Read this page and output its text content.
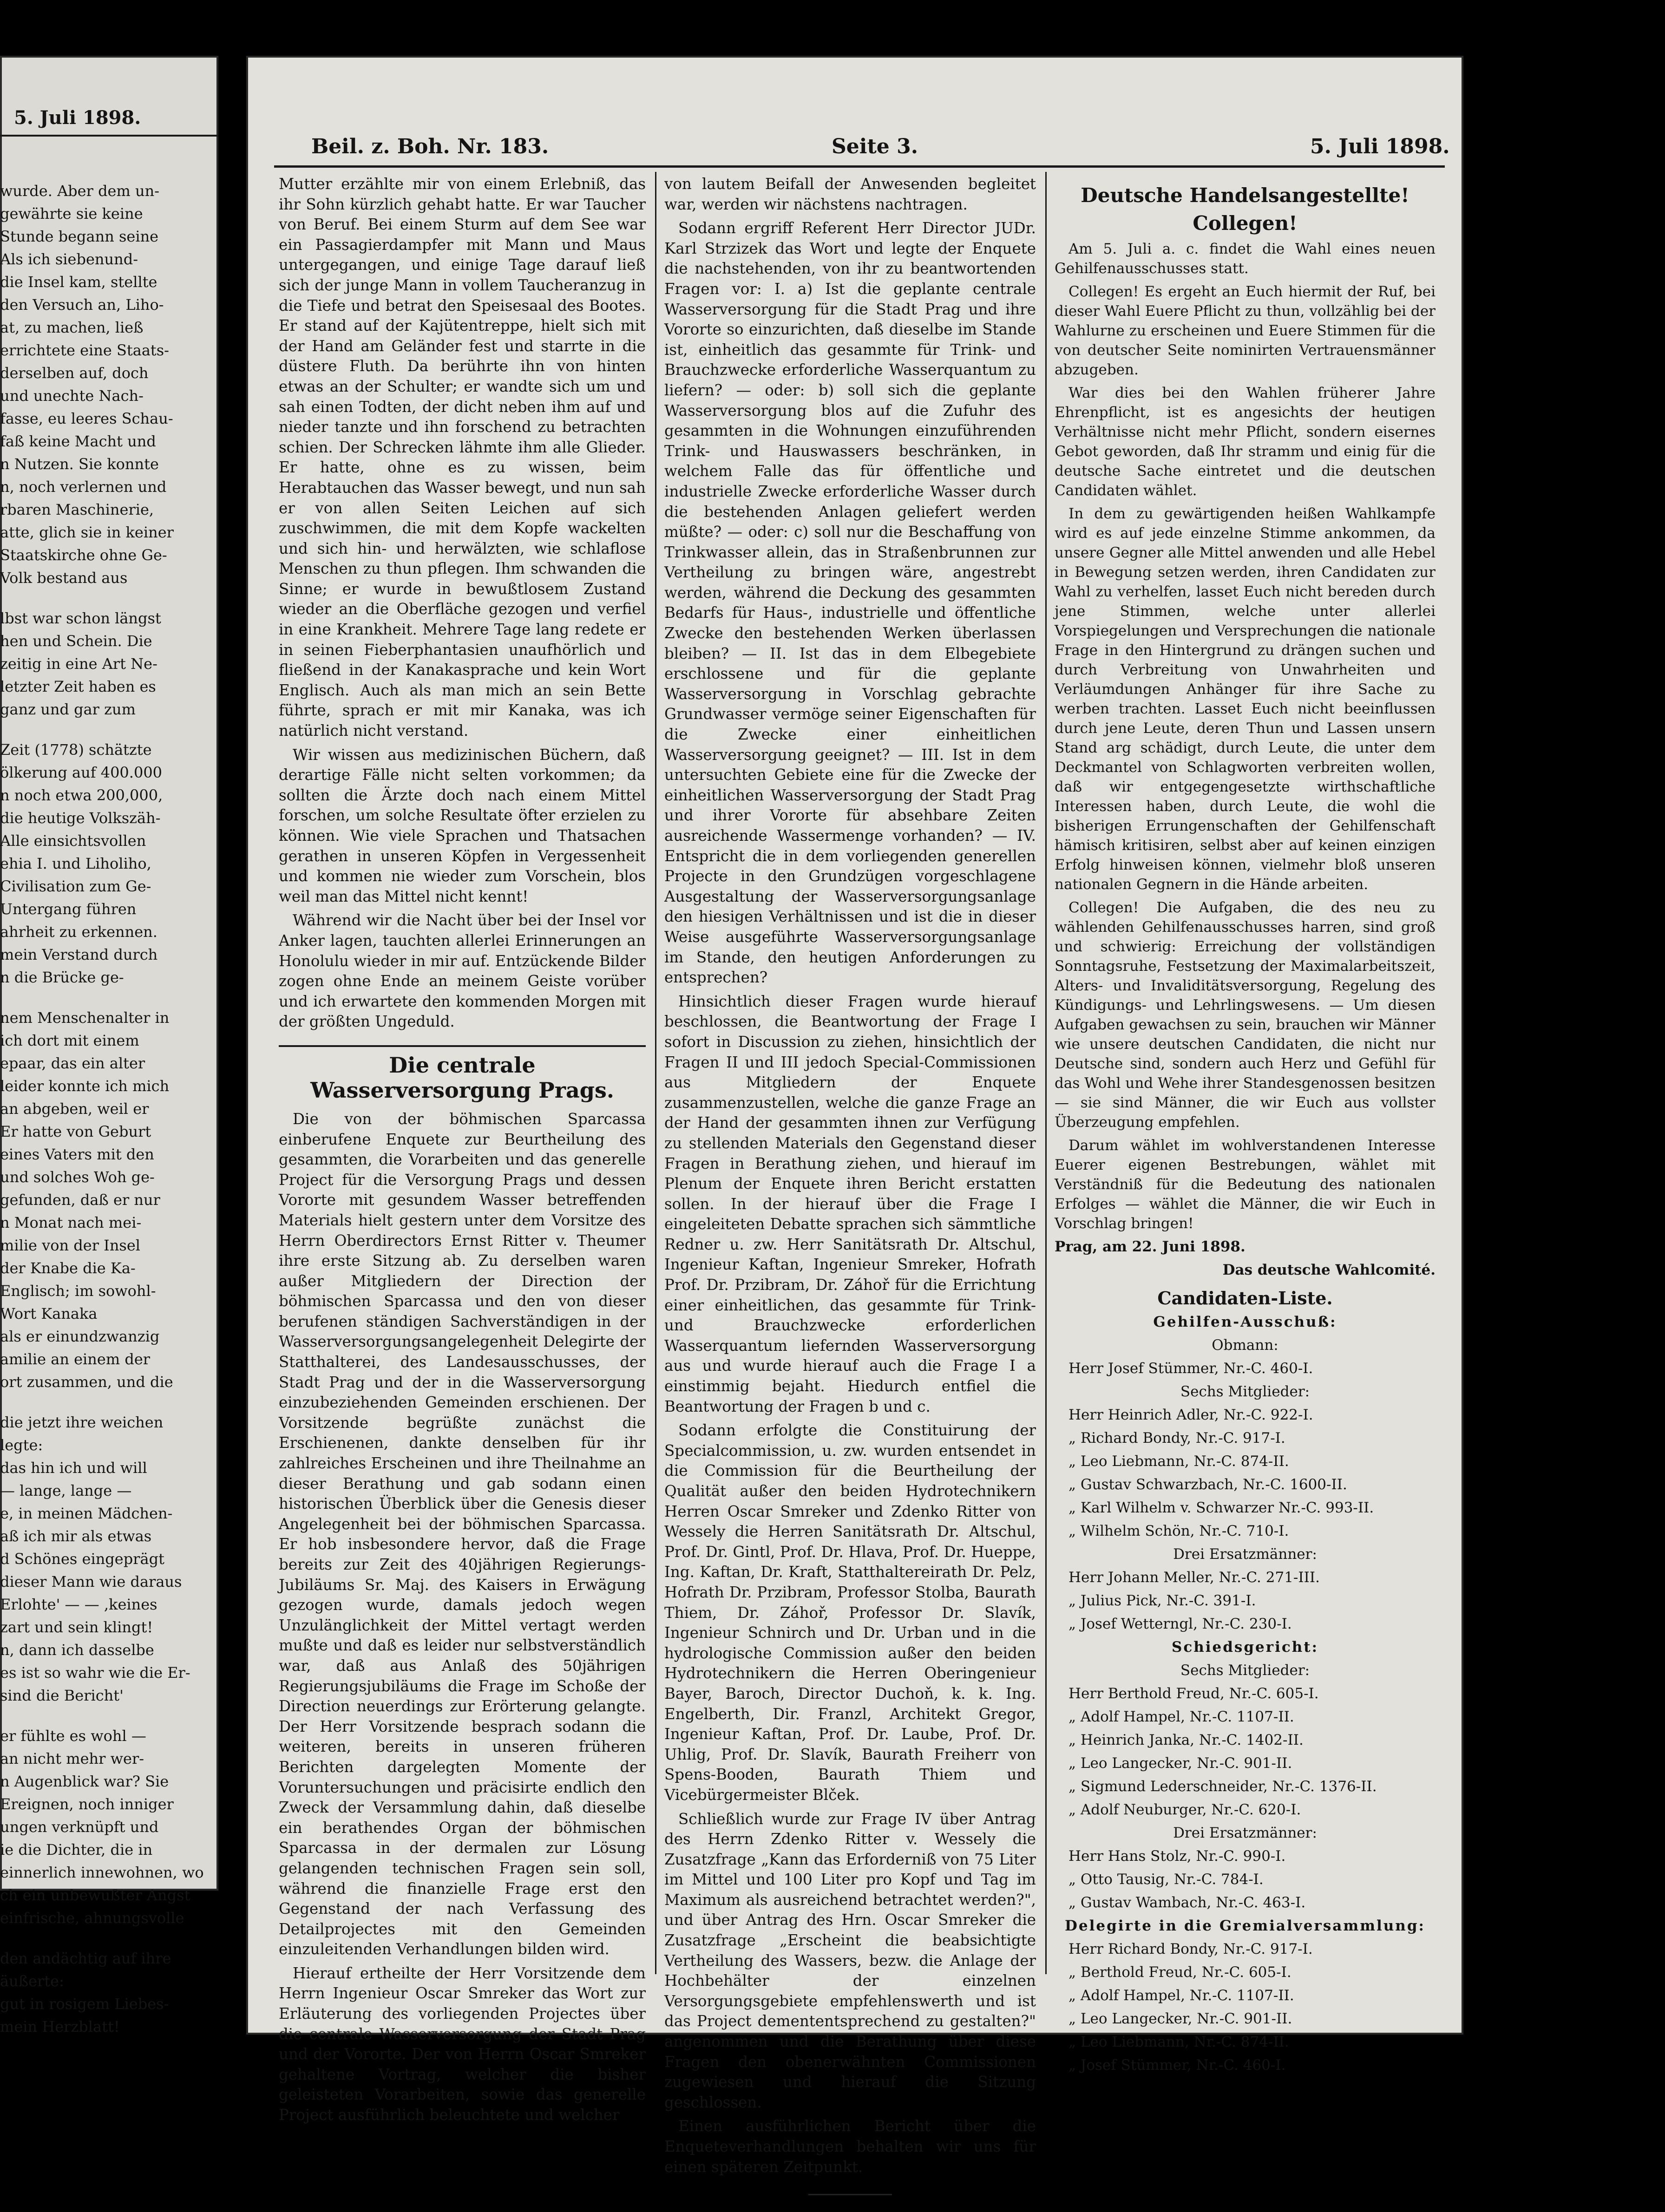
5. Juli 1898.

wurde. Aber dem un-

gewährte sie keine

Stunde begann seine

Als ich siebenund-

die Insel kam, stellte

den Versuch an, Liho-

at, zu machen, ließ

errichtete eine Staats-

derselben auf, doch

und unechte Nach-

fasse, eu leeres Schau-

faß keine Macht und

n Nutzen. Sie konnte

n, noch verlernen und

rbaren Maschinerie,

atte, glich sie in keiner

Staatskirche ohne Ge-

Volk bestand aus

lbst war schon längst

hen und Schein. Die

zeitig in eine Art Ne-

letzter Zeit haben es

ganz und gar zum

Zeit (1778) schätzte

ölkerung auf 400.000

n noch etwa 200,000,

die heutige Volkszäh-

Alle einsichtsvollen

ehia I. und Liholiho,

Civilisation zum Ge-

Untergang führen

ahrheit zu erkennen.

mein Verstand durch

n die Brücke ge-

nem Menschenalter in

ich dort mit einem

epaar, das ein alter

leider konnte ich mich

an abgeben, weil er

Er hatte von Geburt

eines Vaters mit den

und solches Woh ge-

gefunden, daß er nur

n Monat nach mei-

milie von der Insel

der Knabe die Ka-

Englisch; im sowohl-

Wort Kanaka

als er einundzwanzig

amilie an einem der

ort zusammen, und die

die jetzt ihre weichen

legte:

das hin ich und will

— lange, lange —

e, in meinen Mädchen-

aß ich mir als etwas

d Schönes eingeprägt

dieser Mann wie daraus

Erlohte' — — ,keines

zart und sein klingt!

n, dann ich dasselbe

es ist so wahr wie die Er-

sind die Bericht'

er fühlte es wohl —

an nicht mehr wer-

n Augenblick war? Sie

Ereignen, noch inniger

ungen verknüpft und

ie die Dichter, die in

einnerlich innewohnen, wo

ch ein unbewußter Angst

einfrische, ahnungsvolle

den andächtig auf ihre

äußerte:

gut in rosigem Liebes-

mein Herzblatt!

Beil. z. Boh. Nr. 183.	Seite 3.	5. Juli 1898.

Mutter erzählte mir von einem Erlebniß, das ihr Sohn kürzlich gehabt hatte. Er war Taucher von Beruf. Bei einem Sturm auf dem See war ein Passagierdampfer mit Mann und Maus untergegangen, und einige Tage darauf ließ sich der junge Mann in vollem Taucheranzug in die Tiefe und betrat den Speisesaal des Bootes. Er stand auf der Kajütentreppe, hielt sich mit der Hand am Geländer fest und starrte in die düstere Fluth. Da berührte ihn von hinten etwas an der Schulter; er wandte sich um und sah einen Todten, der dicht neben ihm auf und nieder tanzte und ihn forschend zu betrachten schien. Der Schrecken lähmte ihm alle Glieder. Er hatte, ohne es zu wissen, beim Herabtauchen das Wasser bewegt, und nun sah er von allen Seiten Leichen auf sich zuschwimmen, die mit dem Kopfe wackelten und sich hin- und herwälzten, wie schlaflose Menschen zu thun pflegen. Ihm schwanden die Sinne; er wurde in bewußtlosem Zustand wieder an die Oberfläche gezogen und verfiel in eine Krankheit. Mehrere Tage lang redete er in seinen Fieberphantasien unaufhörlich und fließend in der Kanakasprache und kein Wort Englisch. Auch als man mich an sein Bette führte, sprach er mit mir Kanaka, was ich natürlich nicht verstand.

Wir wissen aus medizinischen Büchern, daß derartige Fälle nicht selten vorkommen; da sollten die Ärzte doch nach einem Mittel forschen, um solche Resultate öfter erzielen zu können. Wie viele Sprachen und Thatsachen gerathen in unseren Köpfen in Vergessenheit und kommen nie wieder zum Vorschein, blos weil man das Mittel nicht kennt!

Während wir die Nacht über bei der Insel vor Anker lagen, tauchten allerlei Erinnerungen an Honolulu wieder in mir auf. Entzückende Bilder zogen ohne Ende an meinem Geiste vorüber und ich erwartete den kommenden Morgen mit der größten Ungeduld.

Die centrale Wasserversorgung Prags.

Die von der böhmischen Sparcassa einberufene Enquete zur Beurtheilung des gesammten, die Vorarbeiten und das generelle Project für die Versorgung Prags und dessen Vororte mit gesundem Wasser betreffenden Materials hielt gestern unter dem Vorsitze des Herrn Oberdirectors Ernst Ritter v. Theumer ihre erste Sitzung ab. Zu derselben waren außer Mitgliedern der Direction der böhmischen Sparcassa und den von dieser berufenen ständigen Sachverständigen in der Wasserversorgungsangelegenheit Delegirte der Statthalterei, des Landesausschusses, der Stadt Prag und der in die Wasserversorgung einzubeziehenden Gemeinden erschienen. Der Vorsitzende begrüßte zunächst die Erschienenen, dankte denselben für ihr zahlreiches Erscheinen und ihre Theilnahme an dieser Berathung und gab sodann einen historischen Überblick über die Genesis dieser Angelegenheit bei der böhmischen Sparcassa. Er hob insbesondere hervor, daß die Frage bereits zur Zeit des 40jährigen Regierungs-Jubiläums Sr. Maj. des Kaisers in Erwägung gezogen wurde, damals jedoch wegen Unzulänglichkeit der Mittel vertagt werden mußte und daß es leider nur selbstverständlich war, daß aus Anlaß des 50jährigen Regierungsjubiläums die Frage im Schoße der Direction neuerdings zur Erörterung gelangte. Der Herr Vorsitzende besprach sodann die weiteren, bereits in unseren früheren Berichten dargelegten Momente der Voruntersuchungen und präcisirte endlich den Zweck der Versammlung dahin, daß dieselbe ein berathendes Organ der böhmischen Sparcassa in der dermalen zur Lösung gelangenden technischen Fragen sein soll, während die finanzielle Frage erst den Gegenstand der nach Verfassung des Detailprojectes mit den Gemeinden einzuleitenden Verhandlungen bilden wird.

Hierauf ertheilte der Herr Vorsitzende dem Herrn Ingenieur Oscar Smreker das Wort zur Erläuterung des vorliegenden Projectes über die centrale Wasserversorgung der Stadt Prag und der Vororte. Der von Herrn Oscar Smreker gehaltene Vortrag, welcher die bisher geleisteten Vorarbeiten, sowie das generelle Project ausführlich beleuchtete und welcher

von lautem Beifall der Anwesenden begleitet war, werden wir nächstens nachtragen.

Sodann ergriff Referent Herr Director JUDr. Karl Strzizek das Wort und legte der Enquete die nachstehenden, von ihr zu beantwortenden Fragen vor: I. a) Ist die geplante centrale Wasserversorgung für die Stadt Prag und ihre Vororte so einzurichten, daß dieselbe im Stande ist, einheitlich das gesammte für Trink- und Brauchzwecke erforderliche Wasserquantum zu liefern? — oder: b) soll sich die geplante Wasserversorgung blos auf die Zufuhr des gesammten in die Wohnungen einzuführenden Trink- und Hauswassers beschränken, in welchem Falle das für öffentliche und industrielle Zwecke erforderliche Wasser durch die bestehenden Anlagen geliefert werden müßte? — oder: c) soll nur die Beschaffung von Trinkwasser allein, das in Straßenbrunnen zur Vertheilung zu bringen wäre, angestrebt werden, während die Deckung des gesammten Bedarfs für Haus-, industrielle und öffentliche Zwecke den bestehenden Werken überlassen bleiben? — II. Ist das in dem Elbegebiete erschlossene und für die geplante Wasserversorgung in Vorschlag gebrachte Grundwasser vermöge seiner Eigenschaften für die Zwecke einer einheitlichen Wasserversorgung geeignet? — III. Ist in dem untersuchten Gebiete eine für die Zwecke der einheitlichen Wasserversorgung der Stadt Prag und ihrer Vororte für absehbare Zeiten ausreichende Wassermenge vorhanden? — IV. Entspricht die in dem vorliegenden generellen Projecte in den Grundzügen vorgeschlagene Ausgestaltung der Wasserversorgungsanlage den hiesigen Verhältnissen und ist die in dieser Weise ausgeführte Wasserversorgungsanlage im Stande, den heutigen Anforderungen zu entsprechen?

Hinsichtlich dieser Fragen wurde hierauf beschlossen, die Beantwortung der Frage I sofort in Discussion zu ziehen, hinsichtlich der Fragen II und III jedoch Special-Commissionen aus Mitgliedern der Enquete zusammenzustellen, welche die ganze Frage an der Hand der gesammten ihnen zur Verfügung zu stellenden Materials den Gegenstand dieser Fragen in Berathung ziehen, und hierauf im Plenum der Enquete ihren Bericht erstatten sollen. In der hierauf über die Frage I eingeleiteten Debatte sprachen sich sämmtliche Redner u. zw. Herr Sanitätsrath Dr. Altschul, Ingenieur Kaftan, Ingenieur Smreker, Hofrath Prof. Dr. Przibram, Dr. Záhoř für die Errichtung einer einheitlichen, das gesammte für Trink- und Brauchzwecke erforderlichen Wasserquantum liefernden Wasserversorgung aus und wurde hierauf auch die Frage I a einstimmig bejaht. Hiedurch entfiel die Beantwortung der Fragen b und c.

Sodann erfolgte die Constituirung der Specialcommission, u. zw. wurden entsendet in die Commission für die Beurtheilung der Qualität außer den beiden Hydrotechnikern Herren Oscar Smreker und Zdenko Ritter von Wessely die Herren Sanitätsrath Dr. Altschul, Prof. Dr. Gintl, Prof. Dr. Hlava, Prof. Dr. Hueppe, Ing. Kaftan, Dr. Kraft, Statthaltereirath Dr. Pelz, Hofrath Dr. Przibram, Professor Stolba, Baurath Thiem, Dr. Záhoř, Professor Dr. Slavík, Ingenieur Schnirch und Dr. Urban und in die hydrologische Commission außer den beiden Hydrotechnikern die Herren Oberingenieur Bayer, Baroch, Director Duchoň, k. k. Ing. Engelberth, Dir. Franzl, Architekt Gregor, Ingenieur Kaftan, Prof. Dr. Laube, Prof. Dr. Uhlig, Prof. Dr. Slavík, Baurath Freiherr von Spens-Booden, Baurath Thiem und Vicebürgermeister Blček.

Schließlich wurde zur Frage IV über Antrag des Herrn Zdenko Ritter v. Wessely die Zusatzfrage „Kann das Erforderniß von 75 Liter im Mittel und 100 Liter pro Kopf und Tag im Maximum als ausreichend betrachtet werden?", und über Antrag des Hrn. Oscar Smreker die Zusatzfrage „Erscheint die beabsichtigte Vertheilung des Wassers, bezw. die Anlage der Hochbehälter der einzelnen Versorgungsgebiete empfehlenswerth und ist das Project demententsprechend zu gestalten?" angenommen und die Berathung über diese Fragen den obenerwähnten Commissionen zugewiesen und hierauf die Sitzung geschlossen.

Einen ausführlichen Bericht über die Enqueteverhandlungen behalten wir uns für einen späteren Zeitpunkt.

Deutsche Handelsangestellte!
Collegen!

Am 5. Juli a. c. findet die Wahl eines neuen Gehilfenausschusses statt.

Collegen! Es ergeht an Euch hiermit der Ruf, bei dieser Wahl Euere Pflicht zu thun, vollzählig bei der Wahlurne zu erscheinen und Euere Stimmen für die von deutscher Seite nominirten Vertrauensmänner abzugeben.

War dies bei den Wahlen früherer Jahre Ehrenpflicht, ist es angesichts der heutigen Verhältnisse nicht mehr Pflicht, sondern eisernes Gebot geworden, daß Ihr stramm und einig für die deutsche Sache eintretet und die deutschen Candidaten wählet.

In dem zu gewärtigenden heißen Wahlkampfe wird es auf jede einzelne Stimme ankommen, da unsere Gegner alle Mittel anwenden und alle Hebel in Bewegung setzen werden, ihren Candidaten zur Wahl zu verhelfen, lasset Euch nicht bereden durch jene Stimmen, welche unter allerlei Vorspiegelungen und Versprechungen die nationale Frage in den Hintergrund zu drängen suchen und durch Verbreitung von Unwahrheiten und Verläumdungen Anhänger für ihre Sache zu werben trachten. Lasset Euch nicht beeinflussen durch jene Leute, deren Thun und Lassen unsern Stand arg schädigt, durch Leute, die unter dem Deckmantel von Schlagworten verbreiten wollen, daß wir entgegengesetzte wirthschaftliche Interessen haben, durch Leute, die wohl die bisherigen Errungenschaften der Gehilfenschaft hämisch kritisiren, selbst aber auf keinen einzigen Erfolg hinweisen können, vielmehr bloß unseren nationalen Gegnern in die Hände arbeiten.

Collegen! Die Aufgaben, die des neu zu wählenden Gehilfenausschusses harren, sind groß und schwierig: Erreichung der vollständigen Sonntagsruhe, Festsetzung der Maximalarbeitszeit, Alters- und Invaliditätsversorgung, Regelung des Kündigungs- und Lehrlingswesens. — Um diesen Aufgaben gewachsen zu sein, brauchen wir Männer wie unsere deutschen Candidaten, die nicht nur Deutsche sind, sondern auch Herz und Gefühl für das Wohl und Wehe ihrer Standesgenossen besitzen — sie sind Männer, die wir Euch aus vollster Überzeugung empfehlen.

Darum wählet im wohlverstandenen Interesse Euerer eigenen Bestrebungen, wählet mit Verständniß für die Bedeutung des nationalen Erfolges — wählet die Männer, die wir Euch in Vorschlag bringen!

Prag, am 22. Juni 1898.

Das deutsche Wahlcomité.

Candidaten-Liste.

Gehilfen-Ausschuß:

Obmann:

Herr Josef Stümmer, Nr.-C. 460-I.

Sechs Mitglieder:

Herr Heinrich Adler, Nr.-C. 922-I.

„ Richard Bondy, Nr.-C. 917-I.

„ Leo Liebmann, Nr.-C. 874-II.

„ Gustav Schwarzbach, Nr.-C. 1600-II.

„ Karl Wilhelm v. Schwarzer Nr.-C. 993-II.

„ Wilhelm Schön, Nr.-C. 710-I.

Drei Ersatzmänner:

Herr Johann Meller, Nr.-C. 271-III.

„ Julius Pick, Nr.-C. 391-I.

„ Josef Wetterngl, Nr.-C. 230-I.

Schiedsgericht:

Sechs Mitglieder:

Herr Berthold Freud, Nr.-C. 605-I.

„ Adolf Hampel, Nr.-C. 1107-II.

„ Heinrich Janka, Nr.-C. 1402-II.

„ Leo Langecker, Nr.-C. 901-II.

„ Sigmund Lederschneider, Nr.-C. 1376-II.

„ Adolf Neuburger, Nr.-C. 620-I.

Drei Ersatzmänner:

Herr Hans Stolz, Nr.-C. 990-I.

„ Otto Tausig, Nr.-C. 784-I.

„ Gustav Wambach, Nr.-C. 463-I.

Delegirte in die Gremialversammlung:

Herr Richard Bondy, Nr.-C. 917-I.

„ Berthold Freud, Nr.-C. 605-I.

„ Adolf Hampel, Nr.-C. 1107-II.

„ Leo Langecker, Nr.-C. 901-II.

„ Leo Liebmann, Nr.-C. 874-II.

„ Josef Stümmer, Nr.-C. 460-I.
